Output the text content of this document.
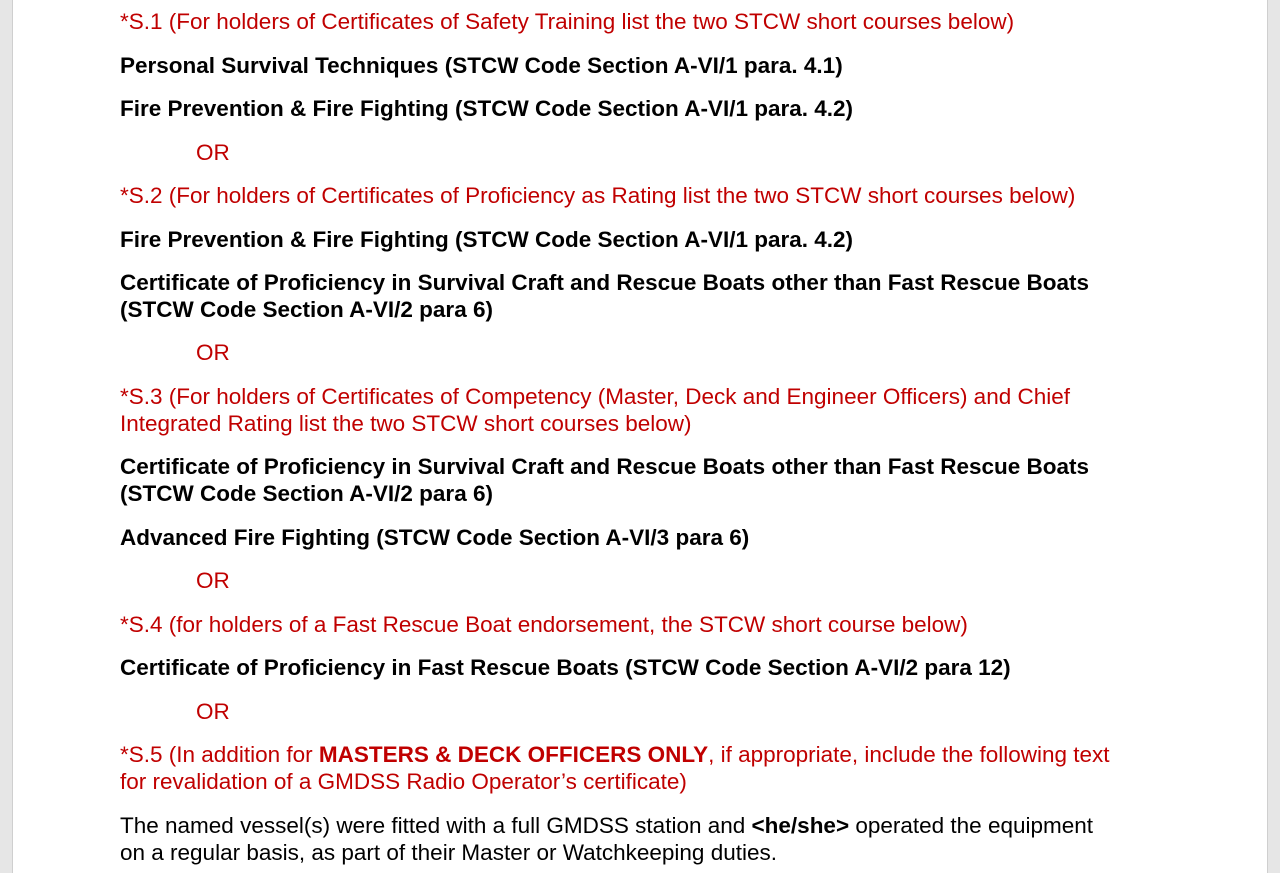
*S.1 (For holders of Certificates of Safety Training list the two STCW short courses below)
Personal Survival Techniques (STCW Code Section A-VI/1 para. 4.1)
Fire Prevention & Fire Fighting (STCW Code Section A-VI/1 para. 4.2)
OR
*S.2 (For holders of Certificates of Proficiency as Rating list the two STCW short courses below)
Fire Prevention & Fire Fighting (STCW Code Section A-VI/1 para. 4.2)
Certificate of Proficiency in Survival Craft and Rescue Boats other than Fast Rescue Boats
(STCW Code Section A-VI/2 para 6)
OR
*S.3 (For holders of Certificates of Competency (Master, Deck and Engineer Officers) and Chief
Integrated Rating list the two STCW short courses below)
Certificate of Proficiency in Survival Craft and Rescue Boats other than Fast Rescue Boats
(STCW Code Section A-VI/2 para 6)
Advanced Fire Fighting (STCW Code Section A-VI/3 para 6)
OR
*S.4 (for holders of a Fast Rescue Boat endorsement, the STCW short course below)
Certificate of Proficiency in Fast Rescue Boats (STCW Code Section A-VI/2 para 12)
OR
*S.5 (In addition for MASTERS & DECK OFFICERS ONLY, if appropriate, include the following text
for revalidation of a GMDSS Radio Operator’s certificate)
The named vessel(s) were fitted with a full GMDSS station and <he/she> operated the equipment
on a regular basis, as part of their Master or Watchkeeping duties.
